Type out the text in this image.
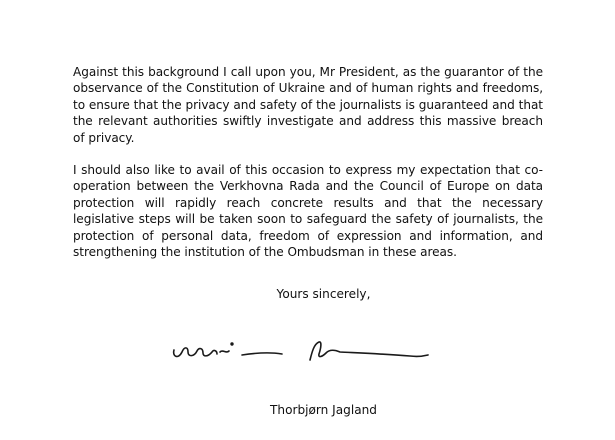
Against this background I call upon you, Mr President, as the guarantor of the observance of the Constitution of Ukraine and of human rights and freedoms, to ensure that the privacy and safety of the journalists is guaranteed and that the relevant authorities swiftly investigate and address this massive breach of privacy.

I should also like to avail of this occasion to express my expectation that co-operation between the Verkhovna Rada and the Council of Europe on data protection will rapidly reach concrete results and that the necessary legislative steps will be taken soon to safeguard the safety of journalists, the protection of personal data, freedom of expression and information, and strengthening the institution of the Ombudsman in these areas.

Yours sincerely,
Thorbjørn Jagland
